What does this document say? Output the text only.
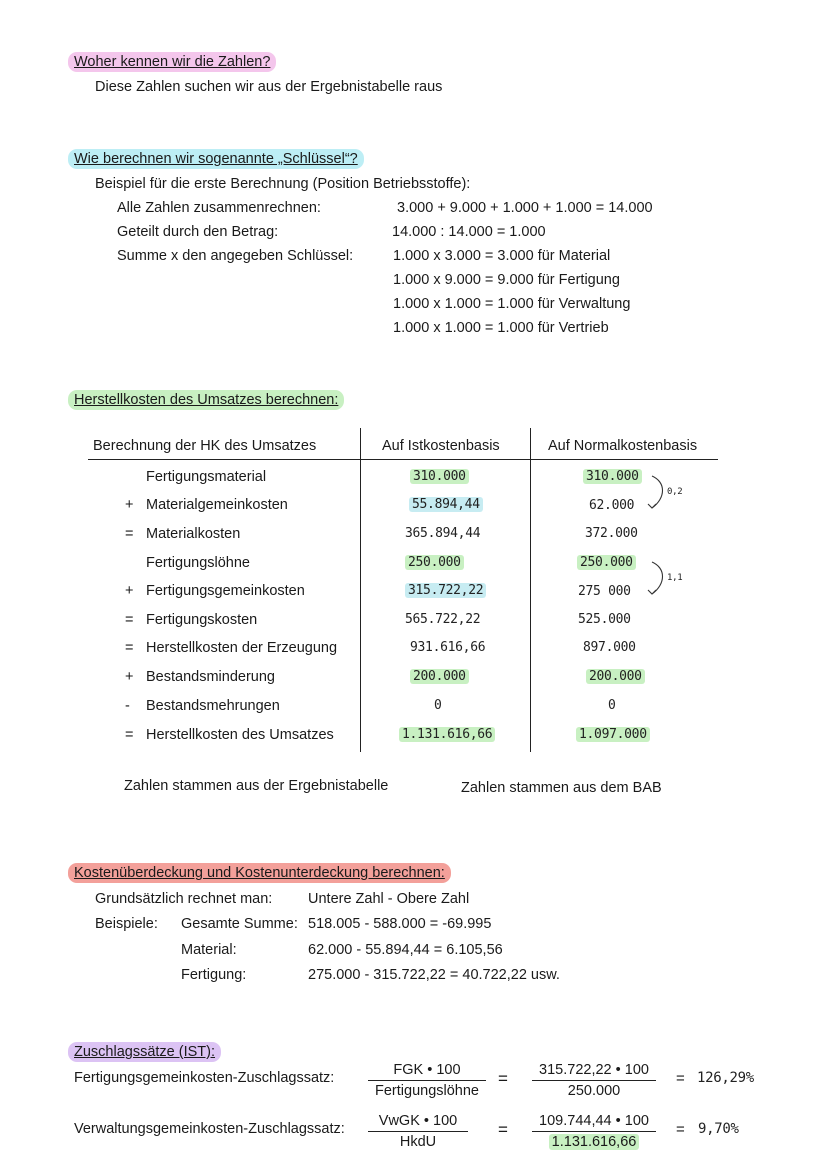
Woher kennen wir die Zahlen?
Diese Zahlen suchen wir aus der Ergebnistabelle raus
Wie berechnen wir sogenannte „Schlüssel“?
Beispiel für die erste Berechnung (Position Betriebsstoffe):
Alle Zahlen zusammenrechnen:	3.000 + 9.000 + 1.000 + 1.000 = 14.000
Geteilt durch den Betrag:	14.000 : 14.000 = 1.000
Summe x den angegeben Schlüssel:	1.000 x 3.000 = 3.000 für Material
1.000 x 9.000 = 9.000 für Fertigung
1.000 x 1.000 = 1.000 für Verwaltung
1.000 x 1.000 = 1.000 für Vertrieb
Herstellkosten des Umsatzes berechnen:
Berechnung der HK des Umsatzes	Auf Istkostenbasis	Auf Normalkostenbasis
Fertigungsmaterial	310.000	310.000
+ Materialgemeinkosten	55.894,44	62.000
= Materialkosten	365.894,44	372.000
Fertigungslöhne	250.000	250.000
+ Fertigungsgemeinkosten	315.722,22	275 000
= Fertigungskosten	565.722,22	525.000
= Herstellkosten der Erzeugung	931.616,66	897.000
+ Bestandsminderung	200.000	200.000
- Bestandsmehrungen	0	0
= Herstellkosten des Umsatzes	1.131.616,66	1.097.000
0,2
1,1
Zahlen stammen aus der Ergebnistabelle	Zahlen stammen aus dem BAB
Kostenüberdeckung und Kostenunterdeckung berechnen:
Grundsätzlich rechnet man: Untere Zahl - Obere Zahl
Beispiele: Gesamte Summe: 518.005 - 588.000 = -69.995
Material:	62.000 - 55.894,44 = 6.105,56
Fertigung:	275.000 - 315.722,22 = 40.722,22 usw.
Zuschlagssätze (IST):
Fertigungsgemeinkosten-Zuschlagssatz:	FGK • 100
Fertigungslöhne
= $\frac{315.722,22 • 100}{250.000} = 126,29\%$
Verwaltungsgemeinkosten-Zuschlagssatz:	VwGK • 100
HkdU
= $\frac{109.744,44 • 100}{1.131.616,66} = 9,70\%$
